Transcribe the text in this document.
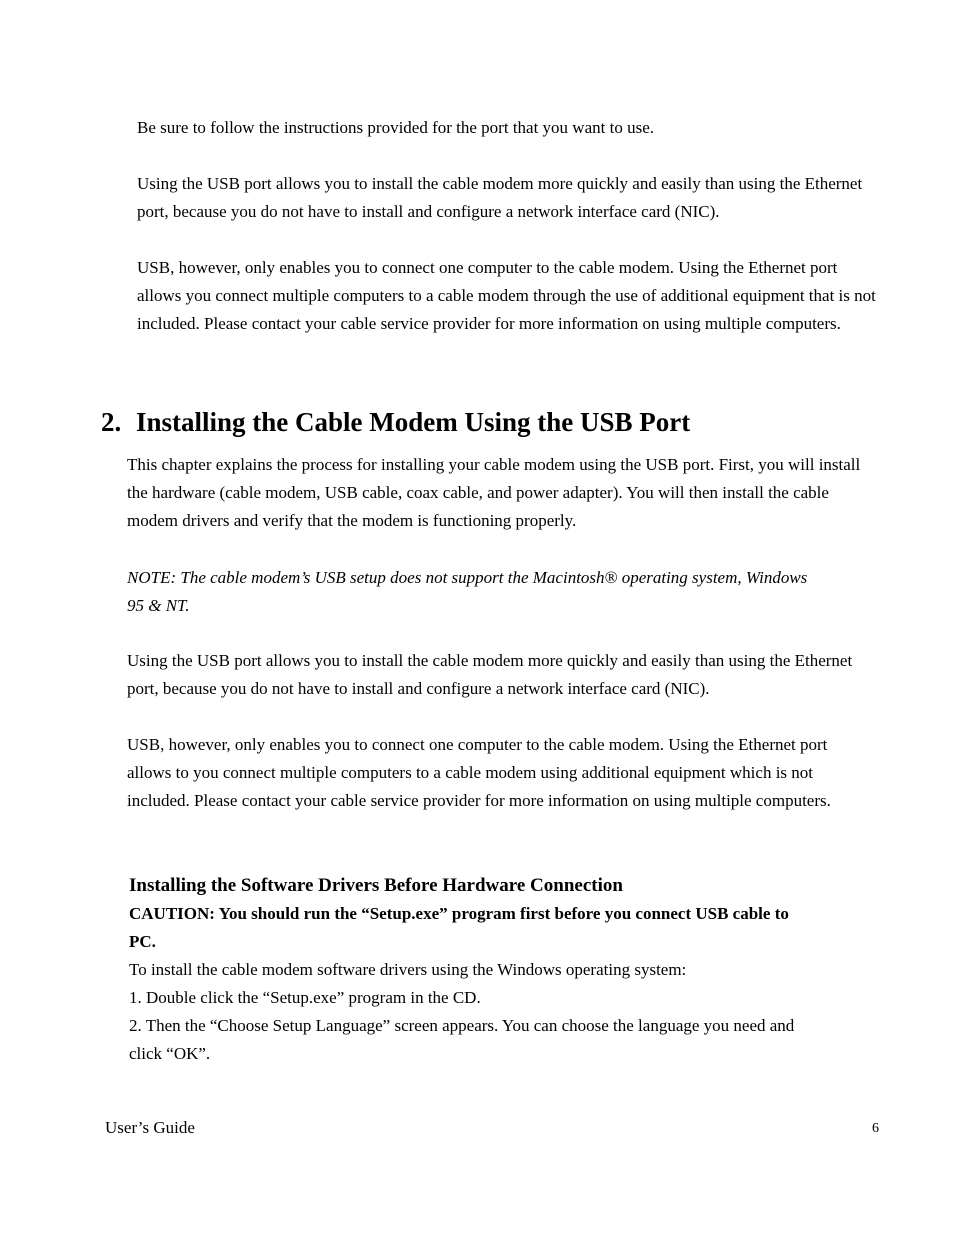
Be sure to follow the instructions provided for the port that you want to use.

Using the USB port allows you to install the cable modem more quickly and easily than using the Ethernet port, because you do not have to install and configure a network interface card (NIC).

USB, however, only enables you to connect one computer to the cable modem. Using the Ethernet port allows you connect multiple computers to a cable modem through the use of additional equipment that is not included. Please contact your cable service provider for more information on using multiple computers.

2. Installing the Cable Modem Using the USB Port

This chapter explains the process for installing your cable modem using the USB port. First, you will install the hardware (cable modem, USB cable, coax cable, and power adapter). You will then install the cable modem drivers and verify that the modem is functioning properly.

NOTE: The cable modem’s USB setup does not support the Macintosh® operating system, Windows 95 & NT.

Using the USB port allows you to install the cable modem more quickly and easily than using the Ethernet port, because you do not have to install and configure a network interface card (NIC).

USB, however, only enables you to connect one computer to the cable modem. Using the Ethernet port allows to you connect multiple computers to a cable modem using additional equipment which is not included. Please contact your cable service provider for more information on using multiple computers.

Installing the Software Drivers Before Hardware Connection

CAUTION: You should run the “Setup.exe” program first before you connect USB cable to PC.

To install the cable modem software drivers using the Windows operating system:

1. Double click the “Setup.exe” program in the CD.

2. Then the “Choose Setup Language” screen appears. You can choose the language you need and click “OK”.

User’s Guide	6
